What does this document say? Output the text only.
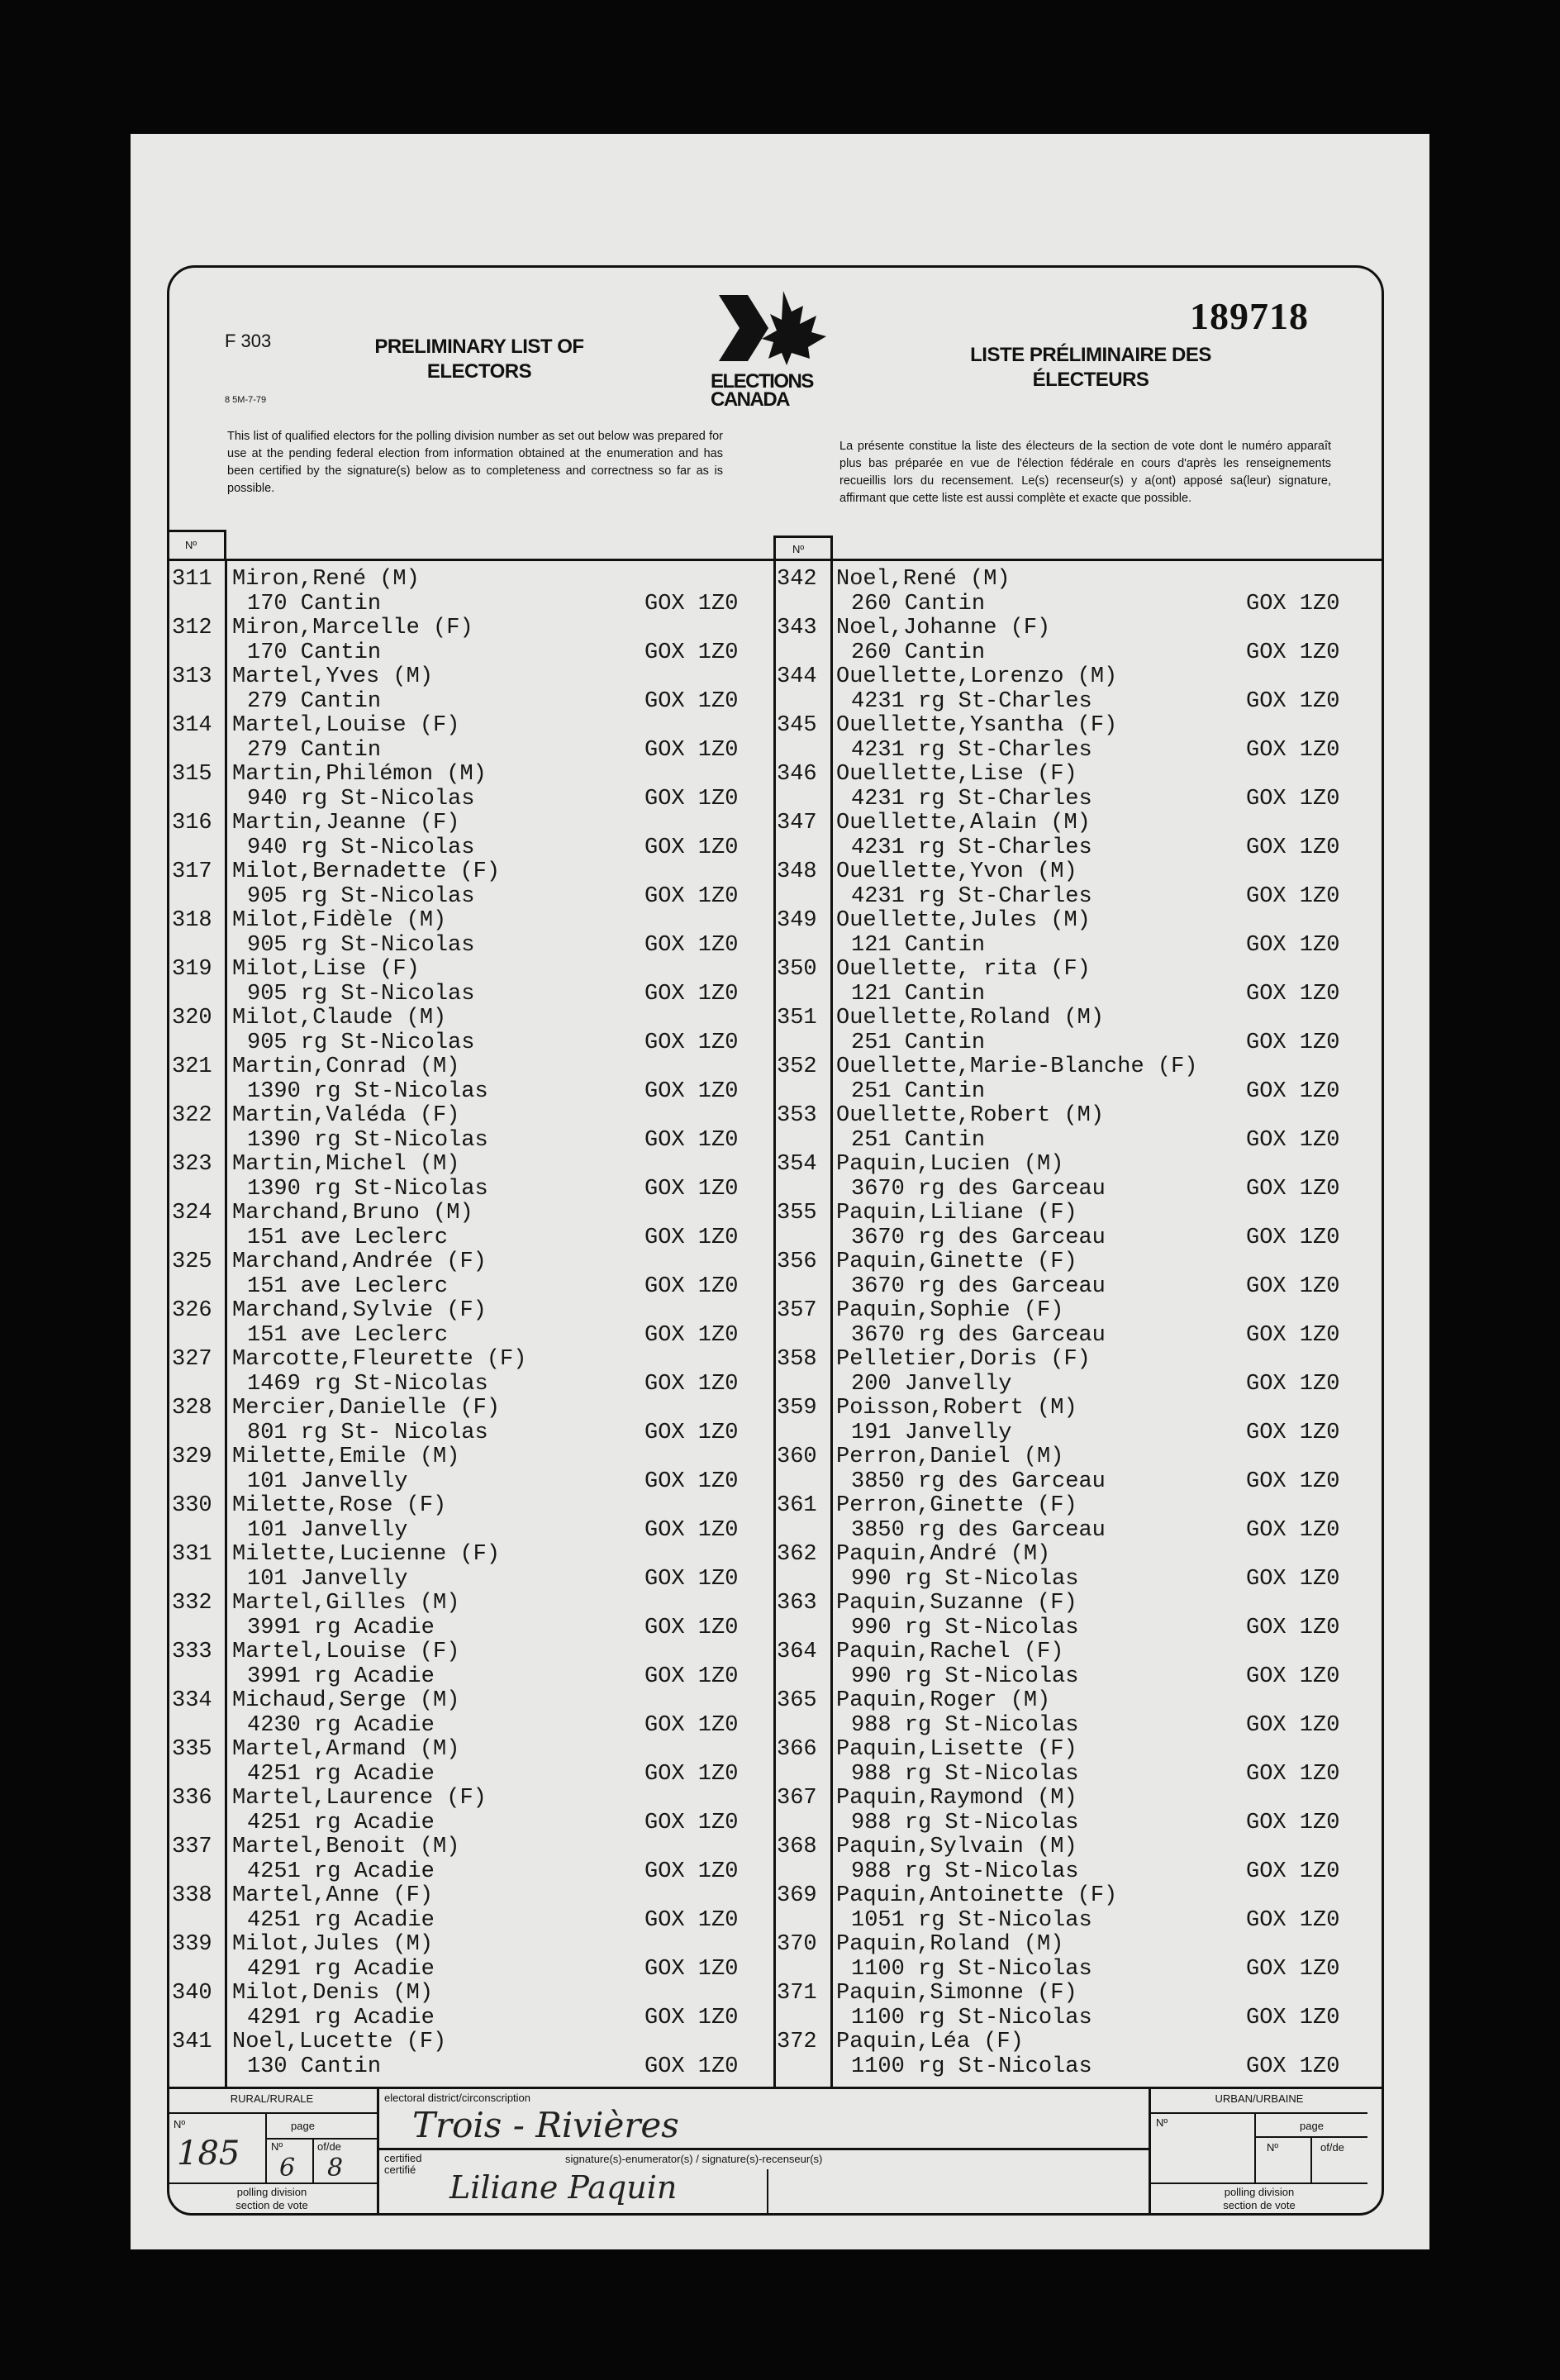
F 303	PRELIMINARY LIST OF
ELECTORS
8 5M-7-79
ELECTIONS
CANADA
189718
LISTE PRÉLIMINAIRE DES
ÉLECTEURS
This list of qualified electors for the polling division number as set out below was prepared for use at the pending federal election from information obtained at the enumeration and has been certified by the signature(s) below as to completeness and correctness so far as is possible.
La présente constitue la liste des électeurs de la section de vote dont le numéro apparaît plus bas préparée en vue de l'élection fédérale en cours d'après les renseignements recueillis lors du recensement. Le(s) recenseur(s) y a(ont) apposé sa(leur) signature, affirmant que cette liste est aussi complète et exacte que possible.
Nº	Nº
311 Miron,René (M)
170 Cantin	GOX 1Z0
312 Miron,Marcelle (F)
170 Cantin	GOX 1Z0
313 Martel,Yves (M)
279 Cantin	GOX 1Z0
314 Martel,Louise (F)
279 Cantin	GOX 1Z0
315 Martin,Philémon (M)
940 rg St-Nicolas	GOX 1Z0
316 Martin,Jeanne (F)
940 rg St-Nicolas	GOX 1Z0
317 Milot,Bernadette (F)
905 rg St-Nicolas	GOX 1Z0
318 Milot,Fidèle (M)
905 rg St-Nicolas	GOX 1Z0
319 Milot,Lise (F)
905 rg St-Nicolas	GOX 1Z0
320 Milot,Claude (M)
905 rg St-Nicolas	GOX 1Z0
321 Martin,Conrad (M)
1390 rg St-Nicolas	GOX 1Z0
322 Martin,Valéda (F)
1390 rg St-Nicolas	GOX 1Z0
323 Martin,Michel (M)
1390 rg St-Nicolas	GOX 1Z0
324 Marchand,Bruno (M)
151 ave Leclerc	GOX 1Z0
325 Marchand,Andrée (F)
151 ave Leclerc	GOX 1Z0
326 Marchand,Sylvie (F)
151 ave Leclerc	GOX 1Z0
327 Marcotte,Fleurette (F)
1469 rg St-Nicolas	GOX 1Z0
328 Mercier,Danielle (F)
801 rg St- Nicolas	GOX 1Z0
329 Milette,Emile (M)
101 Janvelly	GOX 1Z0
330 Milette,Rose (F)
101 Janvelly	GOX 1Z0
331 Milette,Lucienne (F)
101 Janvelly	GOX 1Z0
332 Martel,Gilles (M)
3991 rg Acadie	GOX 1Z0
333 Martel,Louise (F)
3991 rg Acadie	GOX 1Z0
334 Michaud,Serge (M)
4230 rg Acadie	GOX 1Z0
335 Martel,Armand (M)
4251 rg Acadie	GOX 1Z0
336 Martel,Laurence (F)
4251 rg Acadie	GOX 1Z0
337 Martel,Benoit (M)
4251 rg Acadie	GOX 1Z0
338 Martel,Anne (F)
4251 rg Acadie	GOX 1Z0
339 Milot,Jules (M)
4291 rg Acadie	GOX 1Z0
340 Milot,Denis (M)
4291 rg Acadie	GOX 1Z0
341 Noel,Lucette (F)
130 Cantin	GOX 1Z0
342 Noel,René (M)
260 Cantin	GOX 1Z0
343 Noel,Johanne (F)
260 Cantin	GOX 1Z0
344 Ouellette,Lorenzo (M)
4231 rg St-Charles	GOX 1Z0
345 Ouellette,Ysantha (F)
4231 rg St-Charles	GOX 1Z0
346 Ouellette,Lise (F)
4231 rg St-Charles	GOX 1Z0
347 Ouellette,Alain (M)
4231 rg St-Charles	GOX 1Z0
348 Ouellette,Yvon (M)
4231 rg St-Charles	GOX 1Z0
349 Ouellette,Jules (M)
121 Cantin	GOX 1Z0
350 Ouellette, rita (F)
121 Cantin	GOX 1Z0
351 Ouellette,Roland (M)
251 Cantin	GOX 1Z0
352 Ouellette,Marie-Blanche (F)
251 Cantin	GOX 1Z0
353 Ouellette,Robert (M)
251 Cantin	GOX 1Z0
354 Paquin,Lucien (M)
3670 rg des Garceau	GOX 1Z0
355 Paquin,Liliane (F)
3670 rg des Garceau	GOX 1Z0
356 Paquin,Ginette (F)
3670 rg des Garceau	GOX 1Z0
357 Paquin,Sophie (F)
3670 rg des Garceau	GOX 1Z0
358 Pelletier,Doris (F)
200 Janvelly	GOX 1Z0
359 Poisson,Robert (M)
191 Janvelly	GOX 1Z0
360 Perron,Daniel (M)
3850 rg des Garceau	GOX 1Z0
361 Perron,Ginette (F)
3850 rg des Garceau	GOX 1Z0
362 Paquin,André (M)
990 rg St-Nicolas	GOX 1Z0
363 Paquin,Suzanne (F)
990 rg St-Nicolas	GOX 1Z0
364 Paquin,Rachel (F)
990 rg St-Nicolas	GOX 1Z0
365 Paquin,Roger (M)
988 rg St-Nicolas	GOX 1Z0
366 Paquin,Lisette (F)
988 rg St-Nicolas	GOX 1Z0
367 Paquin,Raymond (M)
988 rg St-Nicolas	GOX 1Z0
368 Paquin,Sylvain (M)
988 rg St-Nicolas	GOX 1Z0
369 Paquin,Antoinette (F)
1051 rg St-Nicolas	GOX 1Z0
370 Paquin,Roland (M)
1100 rg St-Nicolas	GOX 1Z0
371 Paquin,Simonne (F)
1100 rg St-Nicolas	GOX 1Z0
372 Paquin,Léa (F)
1100 rg St-Nicolas	GOX 1Z0
RURAL/RURALE
Nº	page
Nº	of/de
185 6 8
polling division
section de vote
electoral district/circonscription
Trois - Rivières
certified
certifié
signature(s)-enumerator(s) / signature(s)-recenseur(s)
Liliane Paquin
URBAN/URBAINE
Nº	page
Nº	of/de
polling division
section de vote
